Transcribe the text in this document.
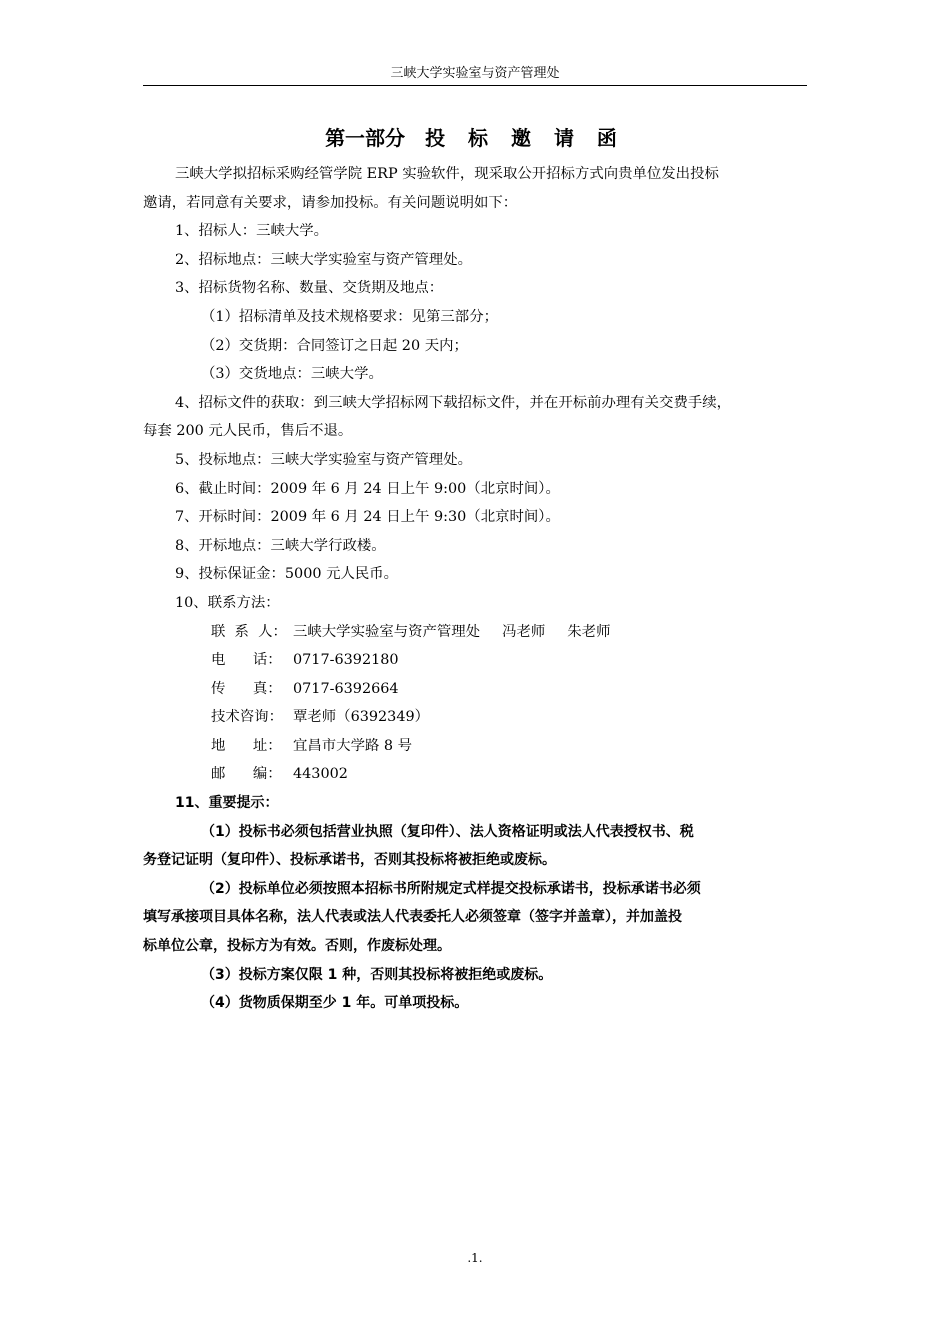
三峡大学实验室与资产管理处
第一部分 投 标 邀 请 函
三峡大学拟招标采购经管学院 ERP 实验软件，现采取公开招标方式向贵单位发出投标
邀请，若同意有关要求，请参加投标。有关问题说明如下：
1、招标人：三峡大学。
2、招标地点：三峡大学实验室与资产管理处。
3、招标货物名称、数量、交货期及地点：
（1）招标清单及技术规格要求：见第三部分；
（2）交货期：合同签订之日起 20 天内；
（3）交货地点：三峡大学。
4、招标文件的获取：到三峡大学招标网下载招标文件，并在开标前办理有关交费手续，
每套 200 元人民币，售后不退。
5、投标地点：三峡大学实验室与资产管理处。
6、截止时间：2009 年 6 月 24 日上午 9:00（北京时间）。
7、开标时间：2009 年 6 月 24 日上午 9:30（北京时间）。
8、开标地点：三峡大学行政楼。
9、投标保证金：5000 元人民币。
10、联系方法：
联  系  人： 三峡大学实验室与资产管理处 冯老师 朱老师
电      话： 0717-6392180
传      真： 0717-6392664
技术咨询： 覃老师（6392349）
地      址： 宜昌市大学路 8 号
邮      编： 443002
11、重要提示：
（1）投标书必须包括营业执照（复印件）、法人资格证明或法人代表授权书、税
务登记证明（复印件）、投标承诺书，否则其投标将被拒绝或废标。
（2）投标单位必须按照本招标书所附规定式样提交投标承诺书，投标承诺书必须
填写承接项目具体名称，法人代表或法人代表委托人必须签章（签字并盖章），并加盖投
标单位公章，投标方为有效。否则，作废标处理。
（3）投标方案仅限 1 种，否则其投标将被拒绝或废标。
（4）货物质保期至少 1 年。可单项投标。
.1.
